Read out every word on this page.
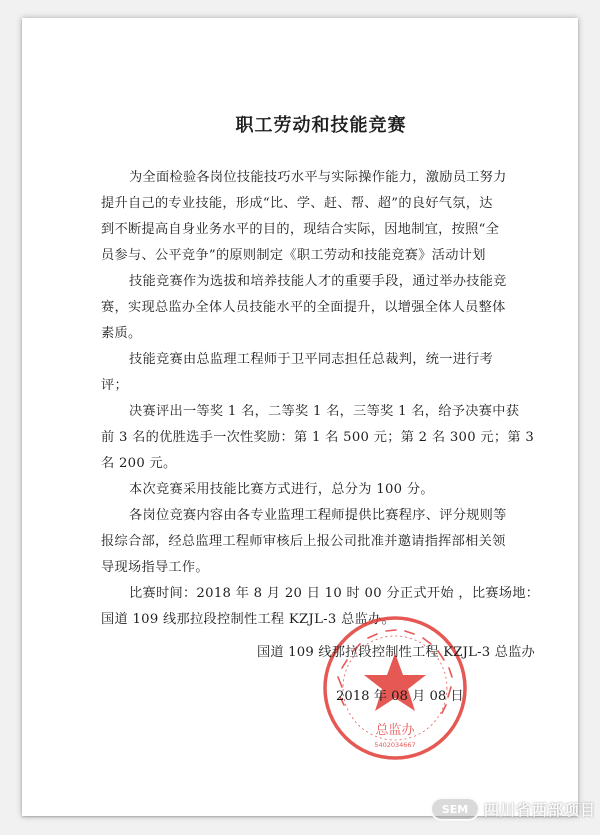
职工劳动和技能竞赛

为全面检验各岗位技能技巧水平与实际操作能力，激励员工努力
提升自己的专业技能，形成“比、学、赶、帮、超”的良好气氛，达
到不断提高自身业务水平的目的，现结合实际，因地制宜，按照“全
员参与、公平竞争”的原则制定《职工劳动和技能竞赛》活动计划

技能竞赛作为选拔和培养技能人才的重要手段，通过举办技能竞
赛，实现总监办全体人员技能水平的全面提升，以增强全体人员整体
素质。

技能竞赛由总监理工程师于卫平同志担任总裁判，统一进行考
评；

决赛评出一等奖 1 名，二等奖 1 名，三等奖 1 名，给予决赛中获
前 3 名的优胜选手一次性奖励：第 1 名 500 元；第 2 名 300 元；第 3
名 200 元。

本次竞赛采用技能比赛方式进行，总分为 100 分。

各岗位竞赛内容由各专业监理工程师提供比赛程序、评分规则等
报综合部，经总监理工程师审核后上报公司批准并邀请指挥部相关领
导现场指导工作。

比赛时间：2018 年 8 月 20 日 10 时 00 分正式开始 ，比赛场地：
国道 109 线那拉段控制性工程 KZJL-3 总监办。

总监办
5402034667
国道 109 线那拉段控制性工程 KZJL-3 总监办
2018 年 08 月 08 日
SEM	四川省西部项目
